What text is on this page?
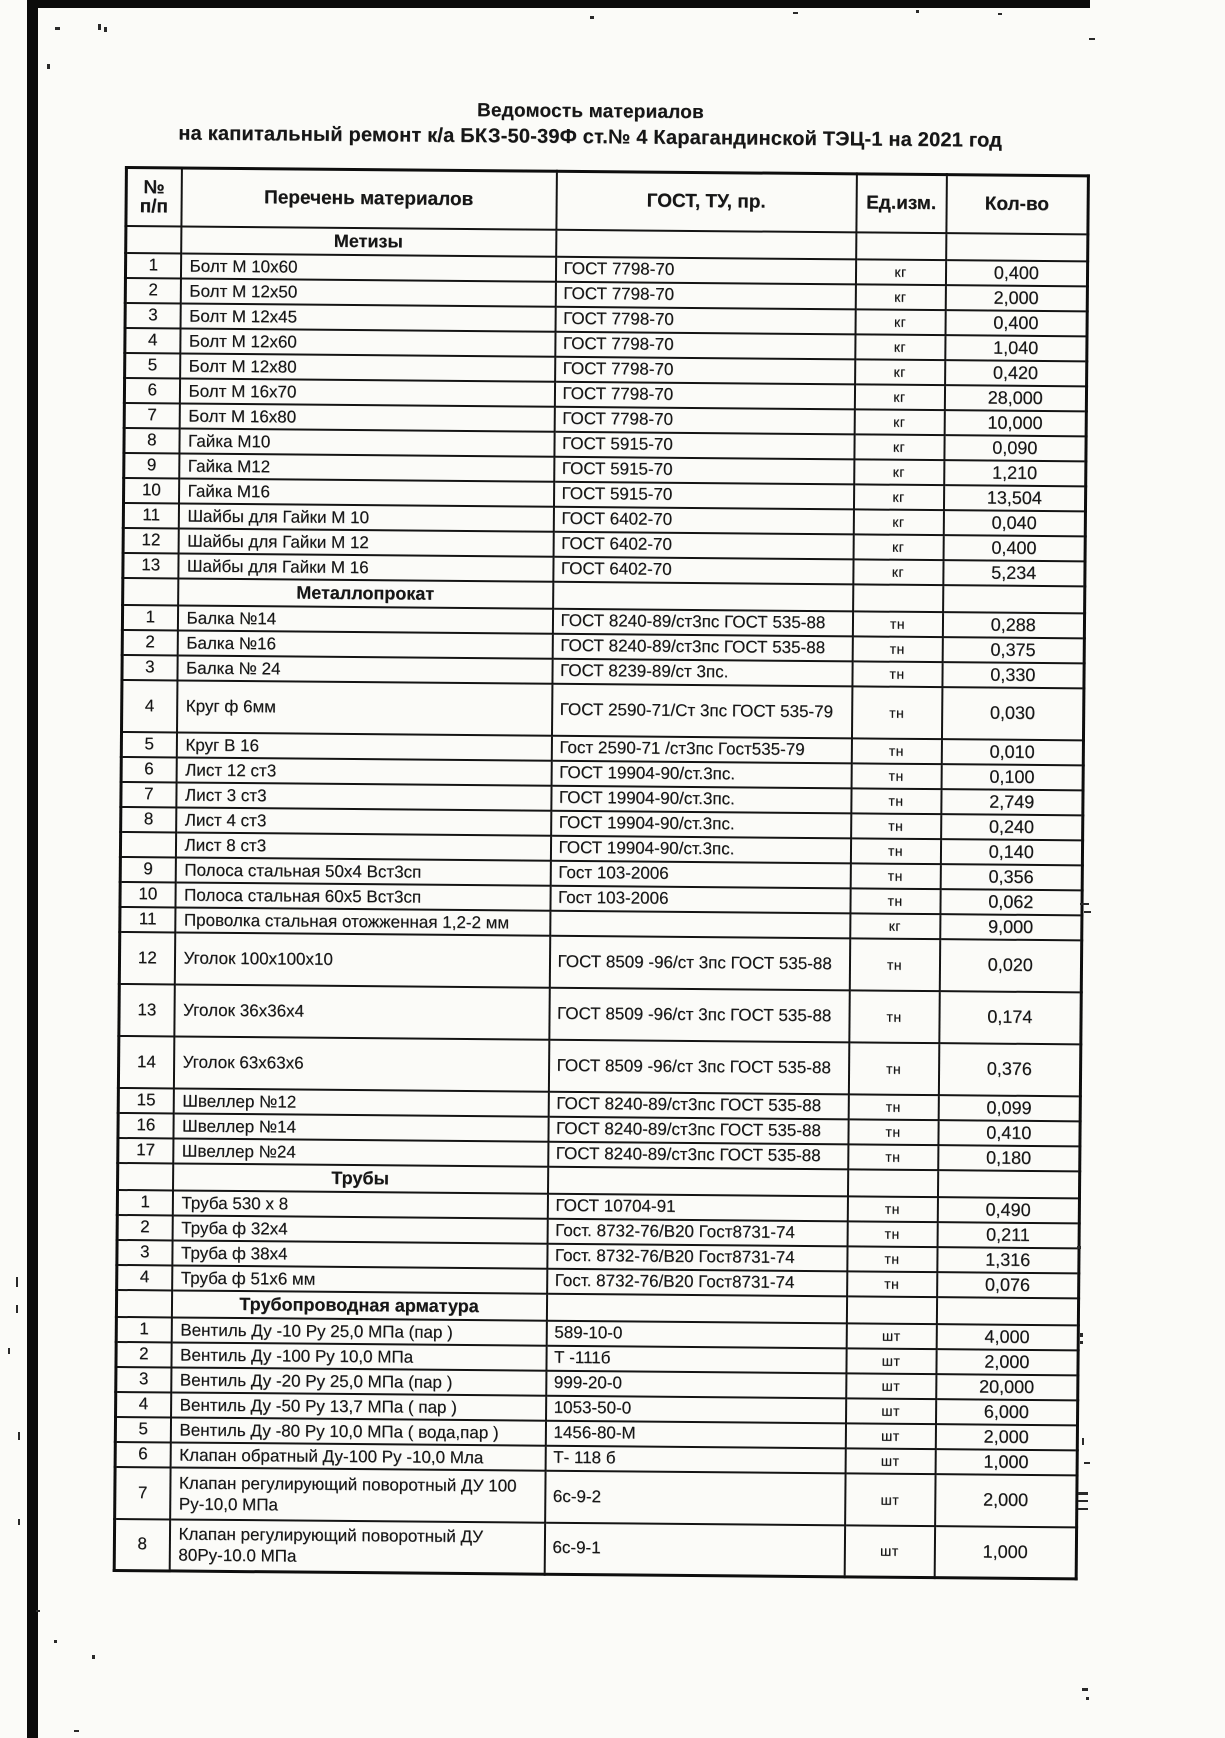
Ведомость материалов
на капитальный ремонт к/а БКЗ-50-39Ф ст.№ 4 Карагандинской ТЭЦ-1 на 2021 год
№
п/п	Перечень материалов	ГОСТ, ТУ, пр.	Ед.изм.	Кол-во
	Метизы			
1	Болт М 10х60	ГОСТ 7798-70	кг	0,400
2	Болт М 12х50	ГОСТ 7798-70	кг	2,000
3	Болт М 12х45	ГОСТ 7798-70	кг	0,400
4	Болт М 12х60	ГОСТ 7798-70	кг	1,040
5	Болт М 12х80	ГОСТ 7798-70	кг	0,420
6	Болт М 16х70	ГОСТ 7798-70	кг	28,000
7	Болт М 16х80	ГОСТ 7798-70	кг	10,000
8	Гайка М10	ГОСТ 5915-70	кг	0,090
9	Гайка М12	ГОСТ 5915-70	кг	1,210
10	Гайка М16	ГОСТ 5915-70	кг	13,504
11	Шайбы для Гайки М 10	ГОСТ 6402-70	кг	0,040
12	Шайбы для Гайки М 12	ГОСТ 6402-70	кг	0,400
13	Шайбы для Гайки М 16	ГОСТ 6402-70	кг	5,234
	Металлопрокат			
1	Балка №14	ГОСТ 8240-89/ст3пс ГОСТ 535-88	тн	0,288
2	Балка №16	ГОСТ 8240-89/ст3пс ГОСТ 535-88	тн	0,375
3	Балка № 24	ГОСТ 8239-89/ст 3пс.	тн	0,330
4	Круг ф 6мм	ГОСТ 2590-71/Ст 3пс ГОСТ 535-79	тн	0,030
5	Круг В 16	Гост 2590-71 /ст3пс Гост535-79	тн	0,010
6	Лист 12 ст3	ГОСТ 19904-90/ст.3пс.	тн	0,100
7	Лист 3 ст3	ГОСТ 19904-90/ст.3пс.	тн	2,749
8	Лист 4 ст3	ГОСТ 19904-90/ст.3пс.	тн	0,240
	Лист 8 ст3	ГОСТ 19904-90/ст.3пс.	тн	0,140
9	Полоса стальная 50х4 Вст3сп	Гост 103-2006	тн	0,356
10	Полоса стальная 60х5 Вст3сп	Гост 103-2006	тн	0,062
11	Проволка стальная отожженная 1,2-2 мм		кг	9,000
12	Уголок 100х100х10	ГОСТ 8509 -96/ст 3пс ГОСТ 535-88	тн	0,020
13	Уголок 36х36х4	ГОСТ 8509 -96/ст 3пс ГОСТ 535-88	тн	0,174
14	Уголок 63х63х6	ГОСТ 8509 -96/ст 3пс ГОСТ 535-88	тн	0,376
15	Швеллер №12	ГОСТ 8240-89/ст3пс ГОСТ 535-88	тн	0,099
16	Швеллер №14	ГОСТ 8240-89/ст3пс ГОСТ 535-88	тн	0,410
17	Швеллер №24	ГОСТ 8240-89/ст3пс ГОСТ 535-88	тн	0,180
	Трубы			
1	Труба 530 х 8	ГОСТ 10704-91	тн	0,490
2	Труба ф 32х4	Гост. 8732-76/В20 Гост8731-74	тн	0,211
3	Труба ф 38х4	Гост. 8732-76/В20 Гост8731-74	тн	1,316
4	Труба ф 51х6 мм	Гост. 8732-76/В20 Гост8731-74	тн	0,076
	Трубопроводная арматура			
1	Вентиль Ду -10 Ру 25,0 МПа (пар )	589-10-0	шт	4,000
2	Вентиль Ду -100 Ру 10,0 МПа	Т -111б	шт	2,000
3	Вентиль Ду -20 Ру 25,0 МПа (пар )	999-20-0	шт	20,000
4	Вентиль Ду -50 Ру 13,7 МПа ( пар )	1053-50-0	шт	6,000
5	Вентиль Ду -80 Ру 10,0 МПа ( вода,пар )	1456-80-М	шт	2,000
6	Клапан обратный Ду-100 Ру -10,0 Мла	Т- 118 б	шт	1,000
7	Клапан регулирующий поворотный ДУ 100 Ру-10,0 МПа	6с-9-2	шт	2,000
8	Клапан регулирующий поворотный ДУ 80Ру-10.0 МПа	6с-9-1	шт	1,000
